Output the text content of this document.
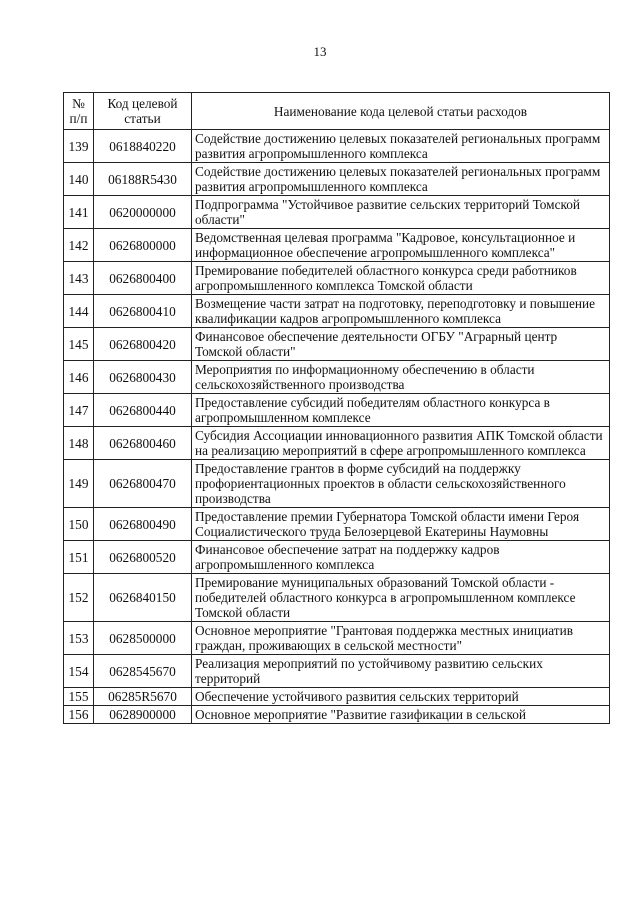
13
№ п/п	Код целевой статьи	Наименование кода целевой статьи расходов
139	0618840220	Содействие достижению целевых показателей региональных программ развития агропромышленного комплекса
140	06188R5430	Содействие достижению целевых показателей региональных программ развития агропромышленного комплекса
141	0620000000	Подпрограмма "Устойчивое развитие сельских территорий Томской области"
142	0626800000	Ведомственная целевая программа "Кадровое, консультационное и информационное обеспечение агропромышленного комплекса"
143	0626800400	Премирование победителей областного конкурса среди работников агропромышленного комплекса Томской области
144	0626800410	Возмещение части затрат на подготовку, переподготовку и повышение квалификации кадров агропромышленного комплекса
145	0626800420	Финансовое обеспечение деятельности ОГБУ "Аграрный центр Томской области"
146	0626800430	Мероприятия по информационному обеспечению в области сельскохозяйственного производства
147	0626800440	Предоставление субсидий победителям областного конкурса в агропромышленном комплексе
148	0626800460	Субсидия Ассоциации инновационного развития АПК Томской области на реализацию мероприятий в сфере агропромышленного комплекса
149	0626800470	Предоставление грантов в форме субсидий на поддержку профориентационных проектов в области сельскохозяйственного производства
150	0626800490	Предоставление премии Губернатора Томской области имени Героя Социалистического труда Белозерцевой Екатерины Наумовны
151	0626800520	Финансовое обеспечение затрат на поддержку кадров агропромышленного комплекса
152	0626840150	Премирование муниципальных образований Томской области - победителей областного конкурса в агропромышленном комплексе Томской области
153	0628500000	Основное мероприятие "Грантовая поддержка местных инициатив граждан, проживающих в сельской местности"
154	0628545670	Реализация мероприятий по устойчивому развитию сельских территорий
155	06285R5670	Обеспечение устойчивого развития сельских территорий
156	0628900000	Основное мероприятие "Развитие газификации в сельской
